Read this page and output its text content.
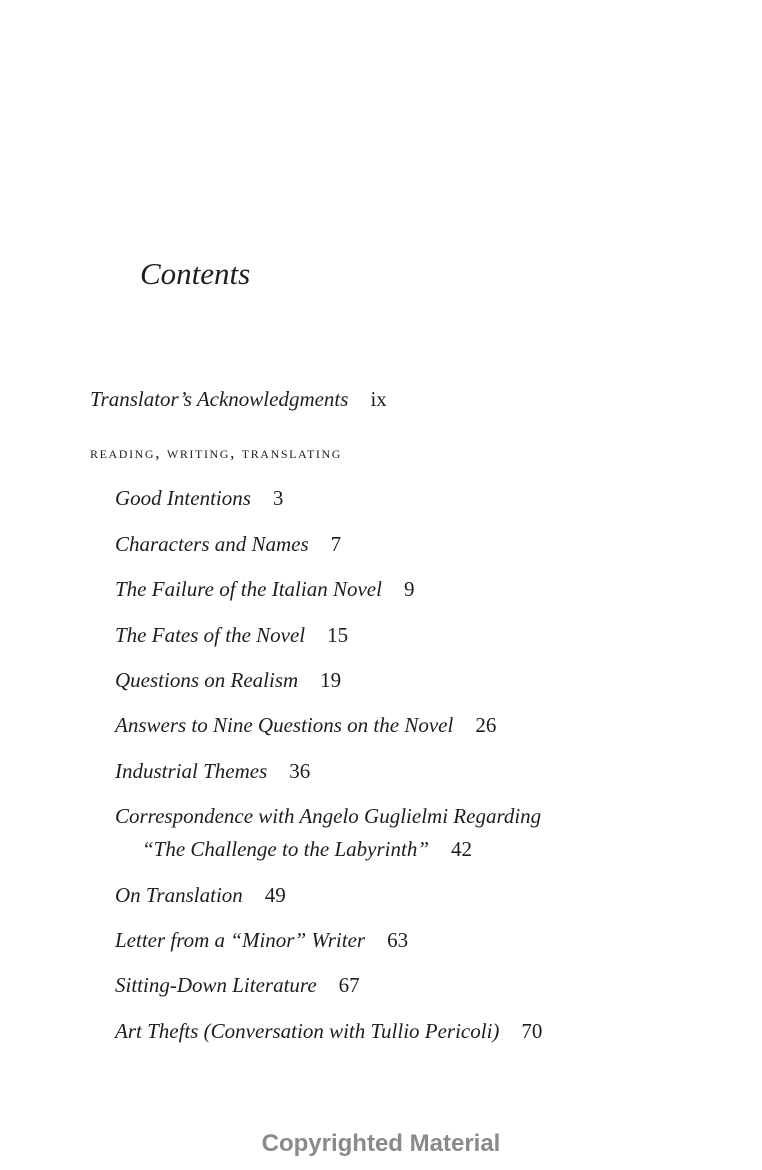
Contents
Translator’s Acknowledgments ix
reading, writing, translating
Good Intentions 3
Characters and Names 7
The Failure of the Italian Novel 9
The Fates of the Novel 15
Questions on Realism 19
Answers to Nine Questions on the Novel 26
Industrial Themes 36
Correspondence with Angelo Guglielmi Regarding
“The Challenge to the Labyrinth” 42
On Translation 49
Letter from a “Minor” Writer 63
Sitting-Down Literature 67
Art Thefts (Conversation with Tullio Pericoli) 70
Copyrighted Material
